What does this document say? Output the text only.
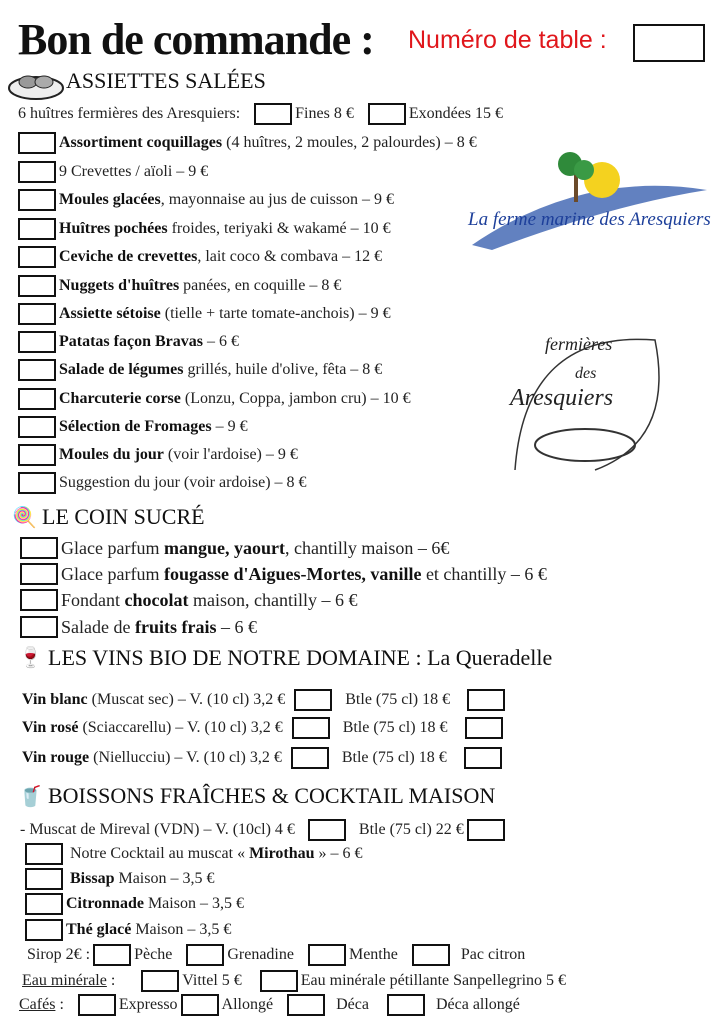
Bon de commande : Numéro de table :
La ferme marine des Aresquiers
fermières
des
Aresquiers
ASSIETTES SALÉES
6 huîtres fermières des Aresquiers:	Fines 8 €	Exondées 15 €
Assortiment coquillages (4 huîtres, 2 moules, 2 palourdes) – 8 €
9 Crevettes / aïoli – 9 €
Moules glacées, mayonnaise au jus de cuisson – 9 €
Huîtres pochées froides, teriyaki & wakamé – 10 €
Ceviche de crevettes, lait coco & combava – 12 €
Nuggets d'huîtres panées, en coquille – 8 €
Assiette sétoise (tielle + tarte tomate-anchois) – 9 €
Patatas façon Bravas – 6 €
Salade de légumes grillés, huile d'olive, fêta – 8 €
Charcuterie corse (Lonzu, Coppa, jambon cru) – 10 €
Sélection de Fromages – 9 €
Moules du jour (voir l'ardoise) – 9 €
Suggestion du jour (voir ardoise) – 8 €
🍭 LE COIN SUCRÉ
Glace parfum mangue, yaourt, chantilly maison – 6€
Glace parfum fougasse d'Aigues-Mortes, vanille et chantilly – 6 €
Fondant chocolat maison, chantilly – 6 €
Salade de fruits frais – 6 €
🍷 LES VINS BIO DE NOTRE DOMAINE : La Queradelle
Vin blanc (Muscat sec) – V. (10 cl) 3,2 €	Btle (75 cl) 18 €
Vin rosé (Sciaccarellu) – V. (10 cl) 3,2 €	Btle (75 cl) 18 €
Vin rouge (Niellucciu) – V. (10 cl) 3,2 €	Btle (75 cl) 18 €
🥤 BOISSONS FRAÎCHES & COCKTAIL MAISON
- Muscat de Mireval (VDN) – V. (10cl) 4 €	Btle (75 cl) 22 €
Notre Cocktail au muscat « Mirothau » – 6 €
Bissap Maison – 3,5 €
Citronnade Maison – 3,5 €
Thé glacé Maison – 3,5 €
Sirop 2€ :	Pèche	Grenadine	Menthe	Pac citron
Eau minérale :	Vittel 5 €	Eau minérale pétillante Sanpellegrino 5 €
Cafés :	Expresso	Allongé	Déca	Déca allongé
